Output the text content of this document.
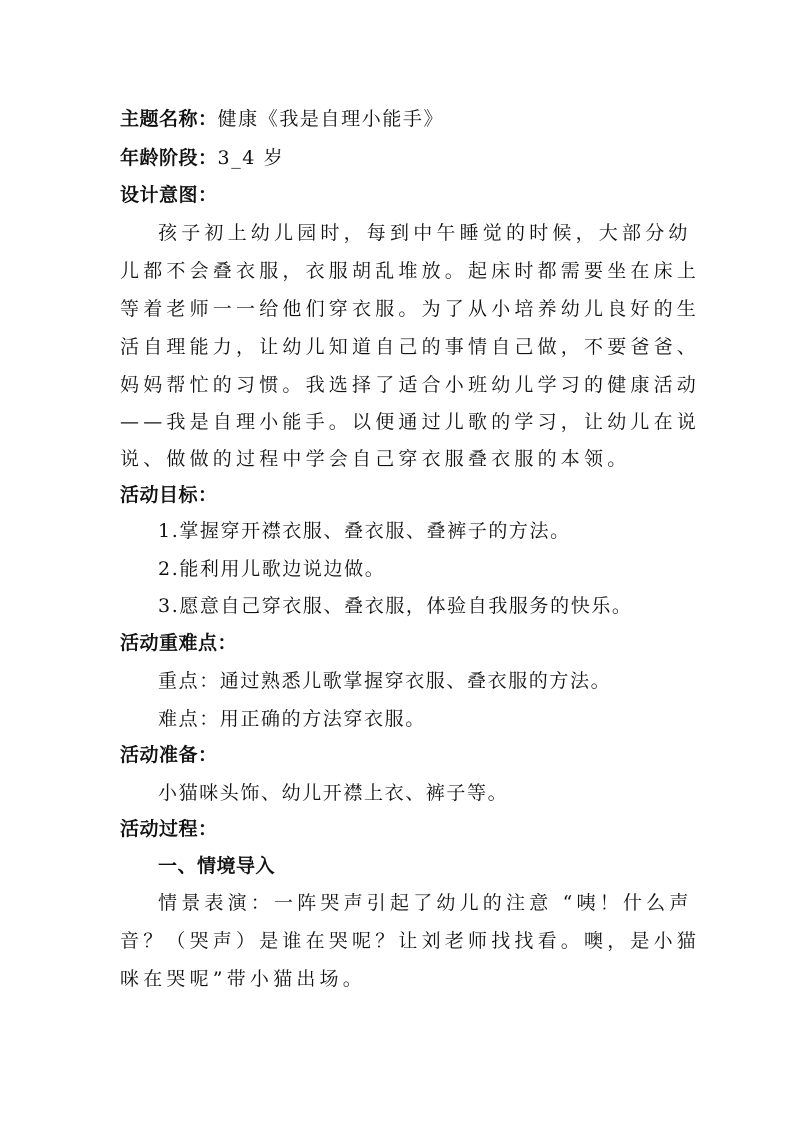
主题名称：健康《我是自理小能手》
年龄阶段：3_4 岁
设计意图：
孩子初上幼儿园时，每到中午睡觉的时候，大部分幼
儿都不会叠衣服，衣服胡乱堆放。起床时都需要坐在床上
等着老师一一给他们穿衣服。为了从小培养幼儿良好的生
活自理能力，让幼儿知道自己的事情自己做，不要爸爸、
妈妈帮忙的习惯。我选择了适合小班幼儿学习的健康活动
——我是自理小能手。以便通过儿歌的学习，让幼儿在说
说、做做的过程中学会自己穿衣服叠衣服的本领。
活动目标：
1.掌握穿开襟衣服、叠衣服、叠裤子的方法。
2.能利用儿歌边说边做。
3.愿意自己穿衣服、叠衣服，体验自我服务的快乐。
活动重难点：
重点：通过熟悉儿歌掌握穿衣服、叠衣服的方法。
难点：用正确的方法穿衣服。
活动准备：
小猫咪头饰、幼儿开襟上衣、裤子等。
活动过程：
一、情境导入
情景表演：一阵哭声引起了幼儿的注意 “咦！什么声
音？（哭声）是谁在哭呢？让刘老师找找看。噢，是小猫
咪在哭呢”带小猫出场。
